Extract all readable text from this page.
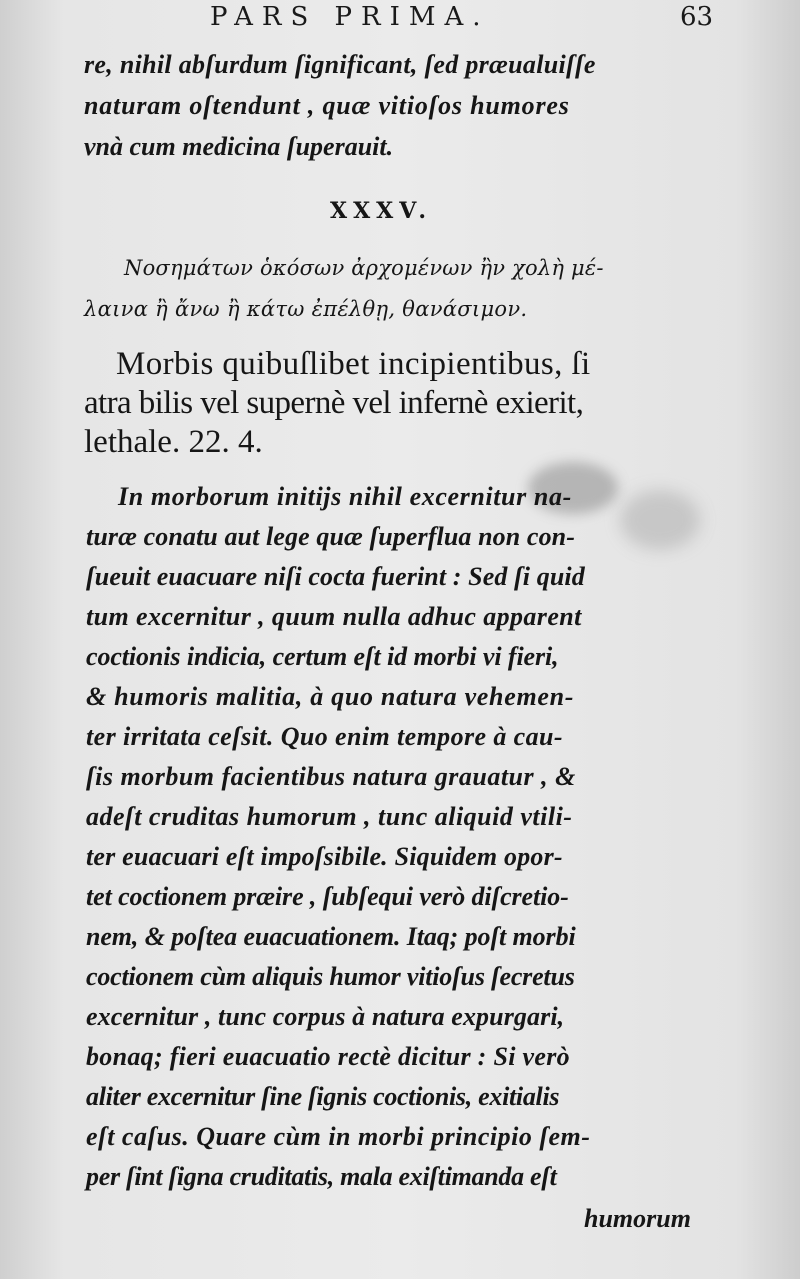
PARS PRIMA.	63
re, nihil abſurdum ſignificant, ſed præualuiſſe
naturam oſtendunt , quæ vitioſos humores
vnà cum medicina ſuperauit.
XXXV.
Νοσημάτων ὁκόσων ἀρχομένων ἢν χολὴ μέ-
λαινα ἢ ἄνω ἢ κάτω ἐπέλθῃ, θανάσιμον.
Morbis quibuſlibet incipientibus, ſi
atra bilis vel supernè vel infernè exierit,
lethale. 22. 4.
In morborum initijs nihil excernitur na-
turæ conatu aut lege quæ ſuperflua non con-
ſueuit euacuare niſi cocta fuerint : Sed ſi quid
tum excernitur , quum nulla adhuc apparent
coctionis indicia, certum eſt id morbi vi fieri,
& humoris malitia, à quo natura vehemen-
ter irritata ceſsit. Quo enim tempore à cau-
ſis morbum facientibus natura grauatur , &
adeſt cruditas humorum , tunc aliquid vtili-
ter euacuari eſt impoſsibile. Siquidem opor-
tet coctionem præire , ſubſequi verò diſcretio-
nem, & poſtea euacuationem. Itaq; poſt morbi
coctionem cùm aliquis humor vitioſus ſecretus
excernitur , tunc corpus à natura expurgari,
bonaq; fieri euacuatio rectè dicitur : Si verò
aliter excernitur ſine ſignis coctionis, exitialis
eſt caſus. Quare cùm in morbi principio ſem-
per ſint ſigna cruditatis, mala exiſtimanda eſt
humorum
